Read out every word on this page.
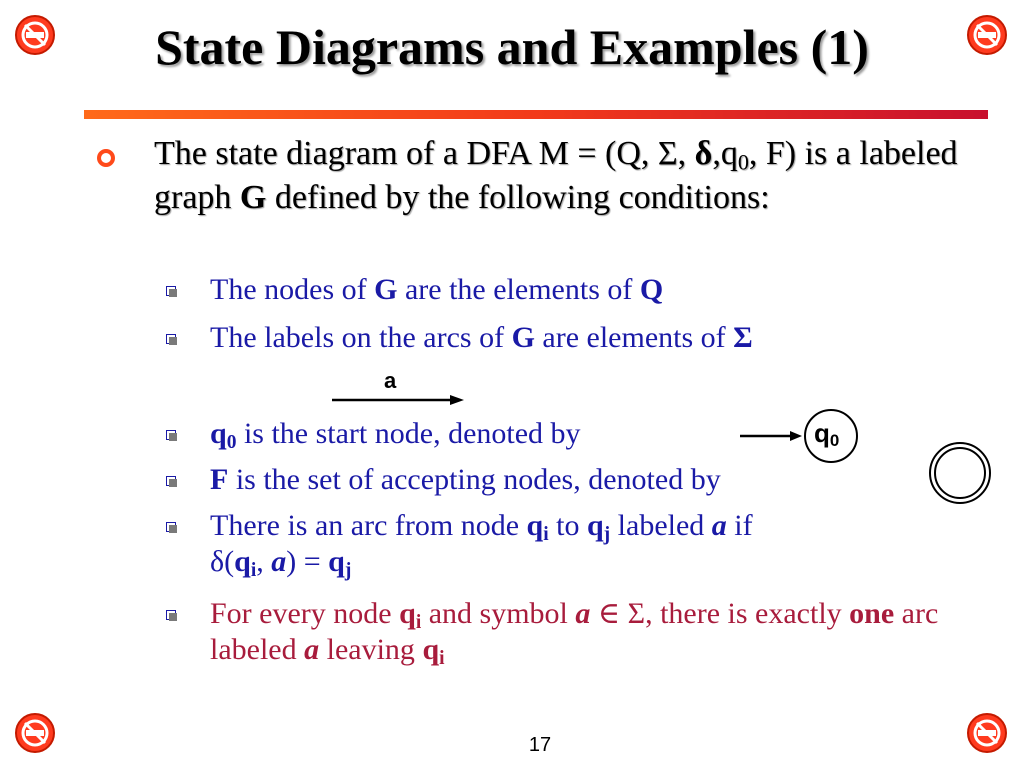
State Diagrams and Examples (1)
The state diagram of a DFA M = (Q, Σ, $\delta,q_0$, F) is a labeled graph G defined by the following conditions:
The nodes of G are the elements of Q
The labels on the arcs of G are elements of Σ
a
$q_0$ is the start node, denoted by	$q_0$
F is the set of accepting nodes, denoted by
There is an arc from node $q_i$ to $q_j$ labeled a if
$\delta(q_i$, $a) = q_j$
For every node $q_i$ and symbol a ∈ Σ, there is exactly one arc labeled a leaving $q_i$
17
